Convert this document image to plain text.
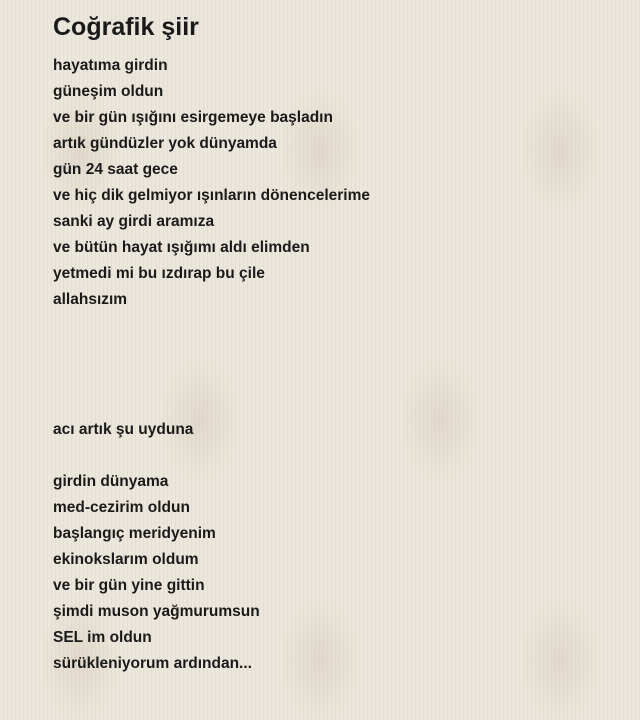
Coğrafik şiir
hayatıma girdin
güneşim oldun
ve bir gün ışığını esirgemeye başladın
artık gündüzler yok dünyamda
gün 24 saat gece
ve hiç dik gelmiyor ışınların dönencelerime
sanki ay girdi aramıza
ve bütün hayat ışığımı aldı elimden
yetmedi mi bu ızdırap bu çile
allahsızım
acı artık şu uyduna
girdin dünyama
med-cezirim oldun
başlangıç meridyenim
ekinokslarım oldum
ve bir gün yine gittin
şimdi muson yağmurumsun
SEL im oldun
sürükleniyorum ardından...
